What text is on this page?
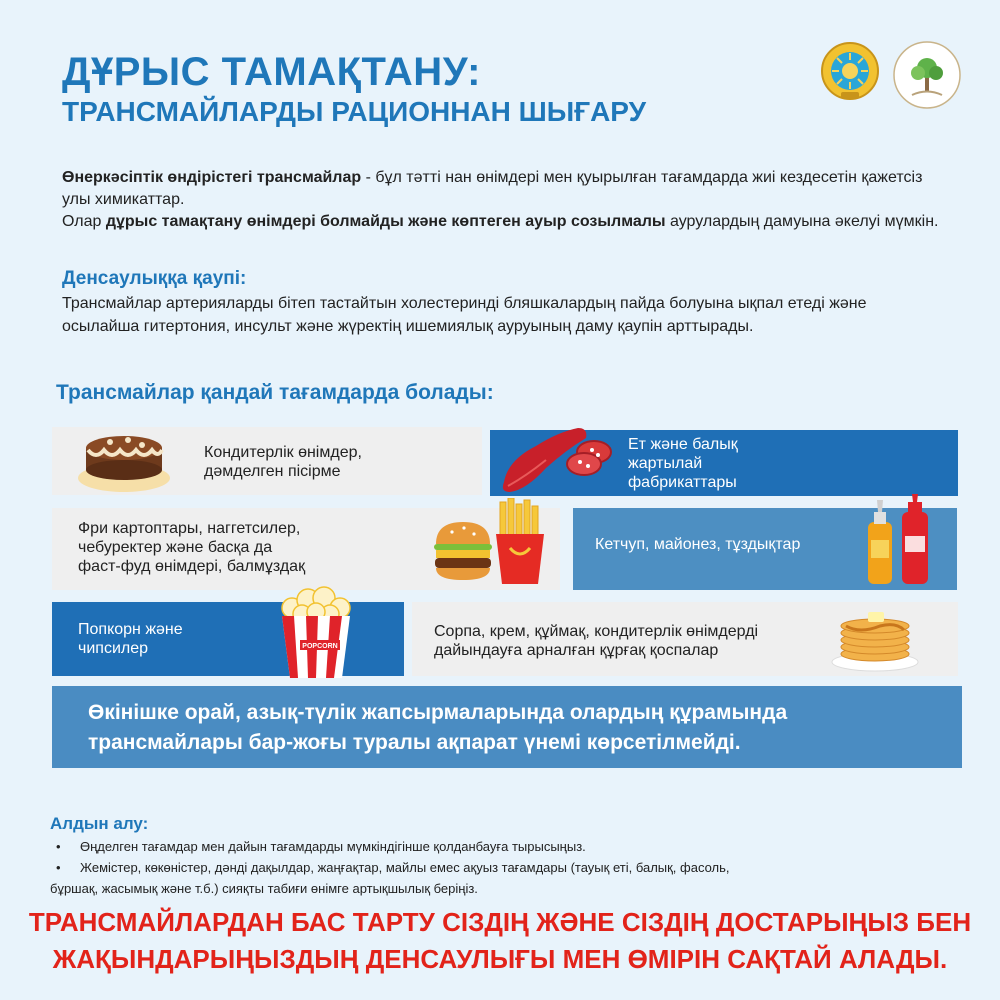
ДҰРЫС ТАМАҚТАНУ:
ТРАНСМАЙЛАРДЫ РАЦИОННАН ШЫҒАРУ
Өнеркәсіптік өндірістегі трансмайлар - бұл тәтті нан өнімдері мен қуырылған тағамдарда жиі кездесетін қажетсіз улы химикаттар.
Олар дұрыс тамақтану өнімдері болмайды және көптеген ауыр созылмалы аурулардың дамуына әкелуі мүмкін.
Денсаулыққа қаупі:
Трансмайлар артерияларды бітеп тастайтын холестеринді бляшкалардың пайда болуына ықпал етеді және осылайша гитертония, инсульт және жүректің ишемиялық ауруының даму қаупін арттырады.
Трансмайлар қандай тағамдарда болады:
Кондитерлік өнімдер,
дәмделген пісірме
Ет және балық
жартылай
фабрикаттары
Фри картоптары, наггетсилер,
чебуректер және басқа да
фаст-фуд өнімдері, балмұздақ
Кетчуп, майонез, тұздықтар
Попкорн және
чипсилер	POPCORN
Сорпа, крем, құймақ, кондитерлік өнімдерді
дайындауға арналған құрғақ қоспалар
Өкінішке орай, азық-түлік жапсырмаларында олардың құрамында
трансмайлары бар-жоғы туралы ақпарат үнемі көрсетілмейді.
Алдын алу:
• Өңделген тағамдар мен дайын тағамдарды мүмкіндігінше қолданбауға тырысыңыз.
• Жемістер, көкөністер, дәнді дақылдар, жаңғақтар, майлы емес ақуыз тағамдары (тауық еті, балық, фасоль,
бұршақ, жасымық және т.б.) сияқты табиғи өнімге артықшылық беріңіз.
ТРАНСМАЙЛАРДАН БАС ТАРТУ СІЗДІҢ ЖӘНЕ СІЗДІҢ ДОСТАРЫҢЫЗ БЕН
ЖАҚЫНДАРЫҢЫЗДЫҢ ДЕНСАУЛЫҒЫ МЕН ӨМІРІН САҚТАЙ АЛАДЫ.
